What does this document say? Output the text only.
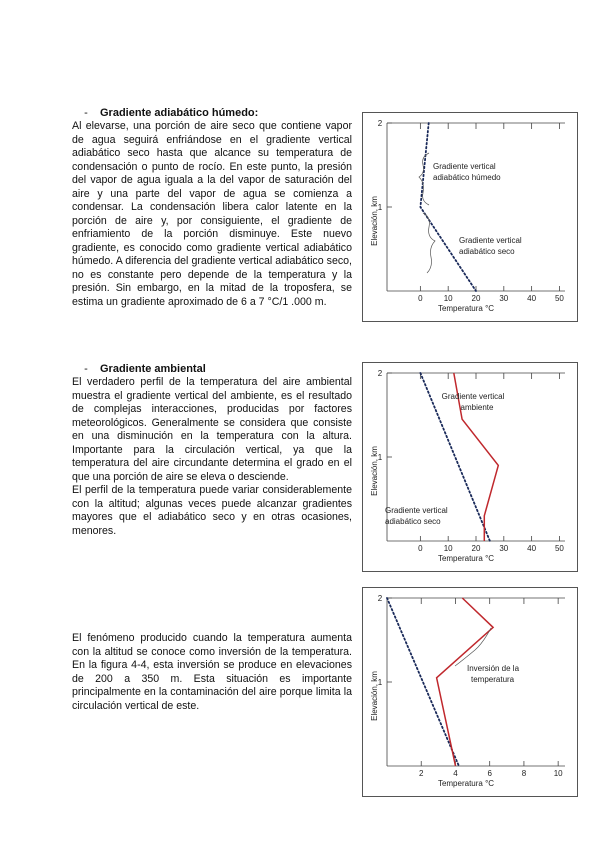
- Gradiente adiabático húmedo:

Al elevarse, una porción de aire seco que contiene vapor de agua seguirá enfriándose en el gradiente vertical adiabático seco hasta que alcance su temperatura de condensación o punto de rocío. En este punto, la presión del vapor de agua iguala a la del vapor de saturación del aire y una parte del vapor de agua se comienza a condensar. La condensación libera calor latente en la porción de aire y, por consiguiente, el gradiente de enfriamiento de la porción disminuye. Este nuevo gradiente, es conocido como gradiente vertical adiabático húmedo. A diferencia del gradiente vertical adiabático seco, no es constante pero depende de la temperatura y la presión. Sin embargo, en la mitad de la troposfera, se estima un gradiente aproximado de 6 a 7 °C/1 .000 m.

- Gradiente ambiental

El verdadero perfil de la temperatura del aire ambiental muestra el gradiente vertical del ambiente, es el resultado de complejas interacciones, producidas por factores meteorológicos. Generalmente se considera que consiste en una disminución en la temperatura con la altura. Importante para la circulación vertical, ya que la temperatura del aire circundante determina el grado en el que una porción de aire se eleva o desciende.

El perfil de la temperatura puede variar considerablemente con la altitud; algunas veces puede alcanzar gradientes mayores que el adiabático seco y en otras ocasiones, menores.

El fenómeno producido cuando la temperatura aumenta con la altitud se conoce como inversión de la temperatura. En la figura 4-4, esta inversión se produce en elevaciones de 200 a 350 m. Esta situación es importante principalmente en la contaminación del aire porque limita la circulación vertical de este.

0	10 20 30 40 50
2
1
Temperatura °C
Elevación, km
Gradiente vertical
adiabático húmedo
Gradiente vertical
adiabático seco
0	10 20 30 40 50
2
1
Temperatura °C
Elevación, km
Gradiente vertical
ambiente
Gradiente vertical
adiabático seco
2	4	6	8	10
2
1
Temperatura °C
Elevación, km
Inversión de la
temperatura
